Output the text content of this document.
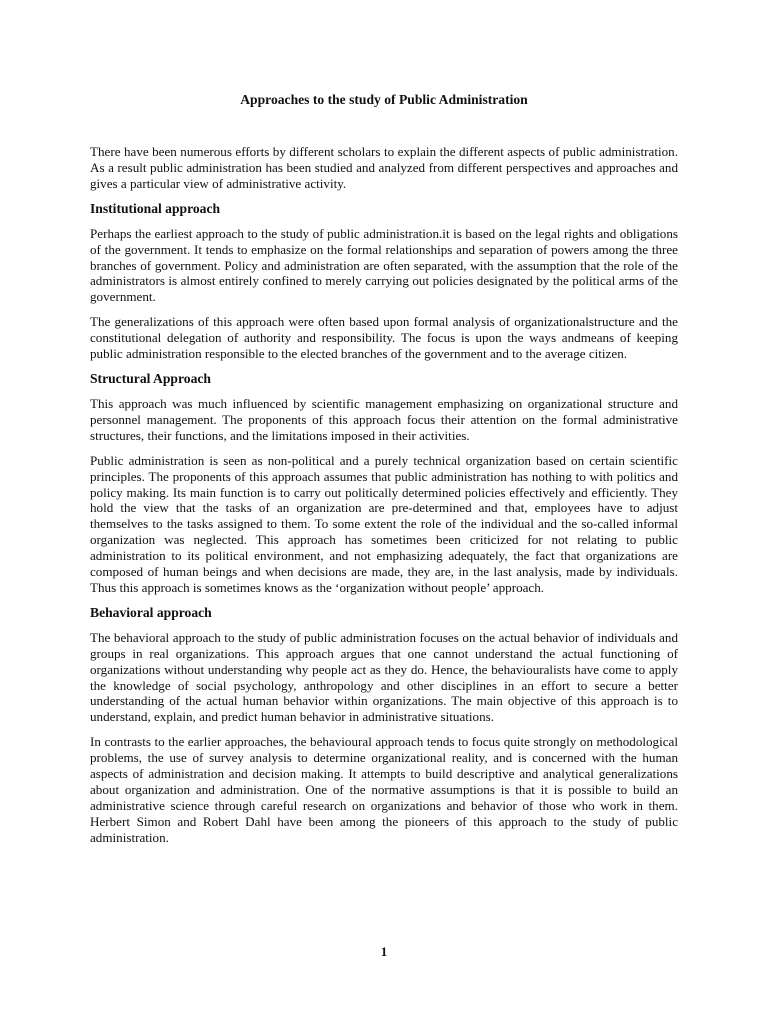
Approaches to the study of Public Administration

There have been numerous efforts by different scholars to explain the different aspects of public administration. As a result public administration has been studied and analyzed from different perspectives and approaches and gives a particular view of administrative activity.

Institutional approach

Perhaps the earliest approach to the study of public administration.it is based on the legal rights and obligations of the government. It tends to emphasize on the formal relationships and separation of powers among the three branches of government. Policy and administration are often separated, with the assumption that the role of the administrators is almost entirely confined to merely carrying out policies designated by the political arms of the government.

The generalizations of this approach were often based upon formal analysis of organizationalstructure and the constitutional delegation of authority and responsibility. The focus is upon the ways andmeans of keeping public administration responsible to the elected branches of the government and to the average citizen.

Structural Approach

This approach was much influenced by scientific management emphasizing on organizational structure and personnel management. The proponents of this approach focus their attention on the formal administrative structures, their functions, and the limitations imposed in their activities.

Public administration is seen as non-political and a purely technical organization based on certain scientific principles. The proponents of this approach assumes that public administration has nothing to with politics and policy making. Its main function is to carry out politically determined policies effectively and efficiently. They hold the view that the tasks of an organization are pre-determined and that, employees have to adjust themselves to the tasks assigned to them. To some extent the role of the individual and the so-called informal organization was neglected. This approach has sometimes been criticized for not relating to public administration to its political environment, and not emphasizing adequately, the fact that organizations are composed of human beings and when decisions are made, they are, in the last analysis, made by individuals. Thus this approach is sometimes knows as the ‘organization without people’ approach.

Behavioral approach

The behavioral approach to the study of public administration focuses on the actual behavior of individuals and groups in real organizations. This approach argues that one cannot understand the actual functioning of organizations without understanding why people act as they do. Hence, the behaviouralists have come to apply the knowledge of social psychology, anthropology and other disciplines in an effort to secure a better understanding of the actual human behavior within organizations. The main objective of this approach is to understand, explain, and predict human behavior in administrative situations.

In contrasts to the earlier approaches, the behavioural approach tends to focus quite strongly on methodological problems, the use of survey analysis to determine organizational reality, and is concerned with the human aspects of administration and decision making. It attempts to build descriptive and analytical generalizations about organization and administration. One of the normative assumptions is that it is possible to build an administrative science through careful research on organizations and behavior of those who work in them. Herbert Simon and Robert Dahl have been among the pioneers of this approach to the study of public administration.

1
